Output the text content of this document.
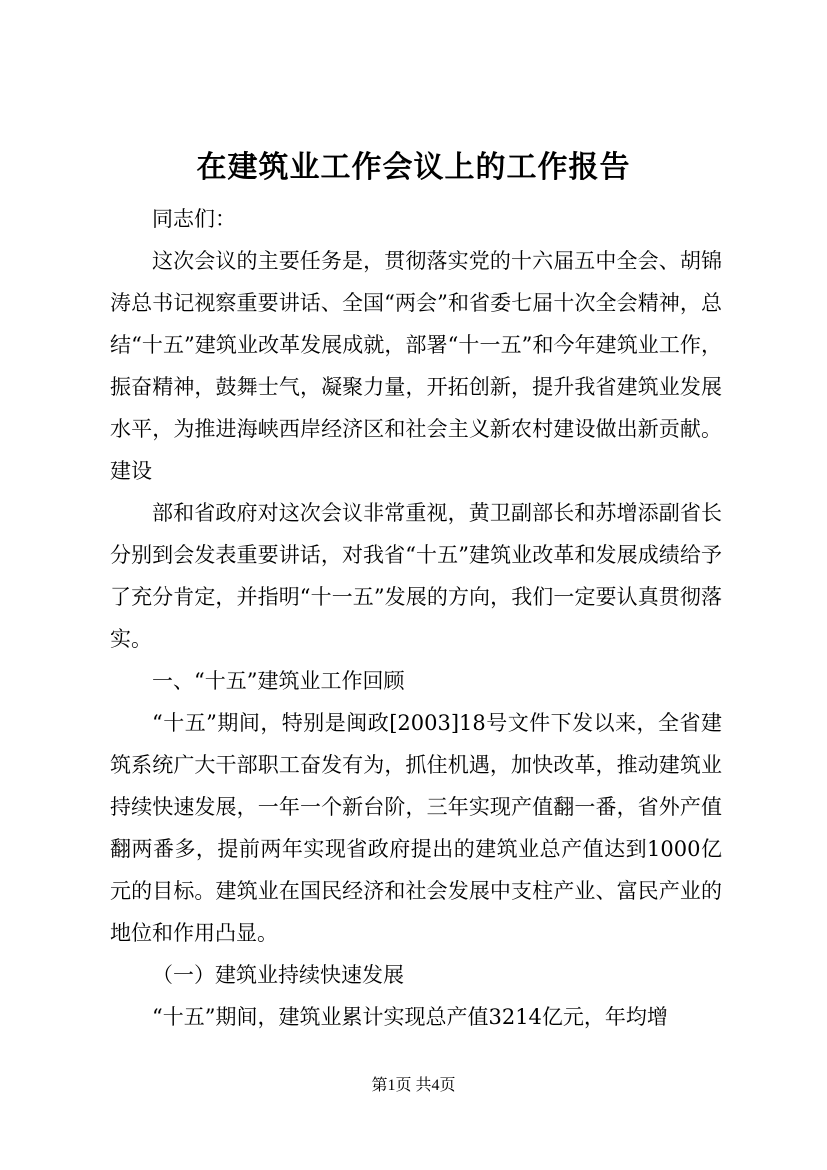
在建筑业工作会议上的工作报告

同志们：

这次会议的主要任务是，贯彻落实党的十六届五中全会、胡锦涛总书记视察重要讲话、全国“两会”和省委七届十次全会精神，总结“十五”建筑业改革发展成就，部署“十一五”和今年建筑业工作，振奋精神，鼓舞士气，凝聚力量，开拓创新，提升我省建筑业发展水平，为推进海峡西岸经济区和社会主义新农村建设做出新贡献。建设

部和省政府对这次会议非常重视，黄卫副部长和苏增添副省长分别到会发表重要讲话，对我省“十五”建筑业改革和发展成绩给予了充分肯定，并指明“十一五”发展的方向，我们一定要认真贯彻落实。

一、“十五”建筑业工作回顾

“十五”期间，特别是闽政[2003]18号文件下发以来，全省建筑系统广大干部职工奋发有为，抓住机遇，加快改革，推动建筑业持续快速发展，一年一个新台阶，三年实现产值翻一番，省外产值翻两番多，提前两年实现省政府提出的建筑业总产值达到1000亿元的目标。建筑业在国民经济和社会发展中支柱产业、富民产业的地位和作用凸显。

（一）建筑业持续快速发展

“十五”期间，建筑业累计实现总产值3214亿元，年均增

第1页 共4页
